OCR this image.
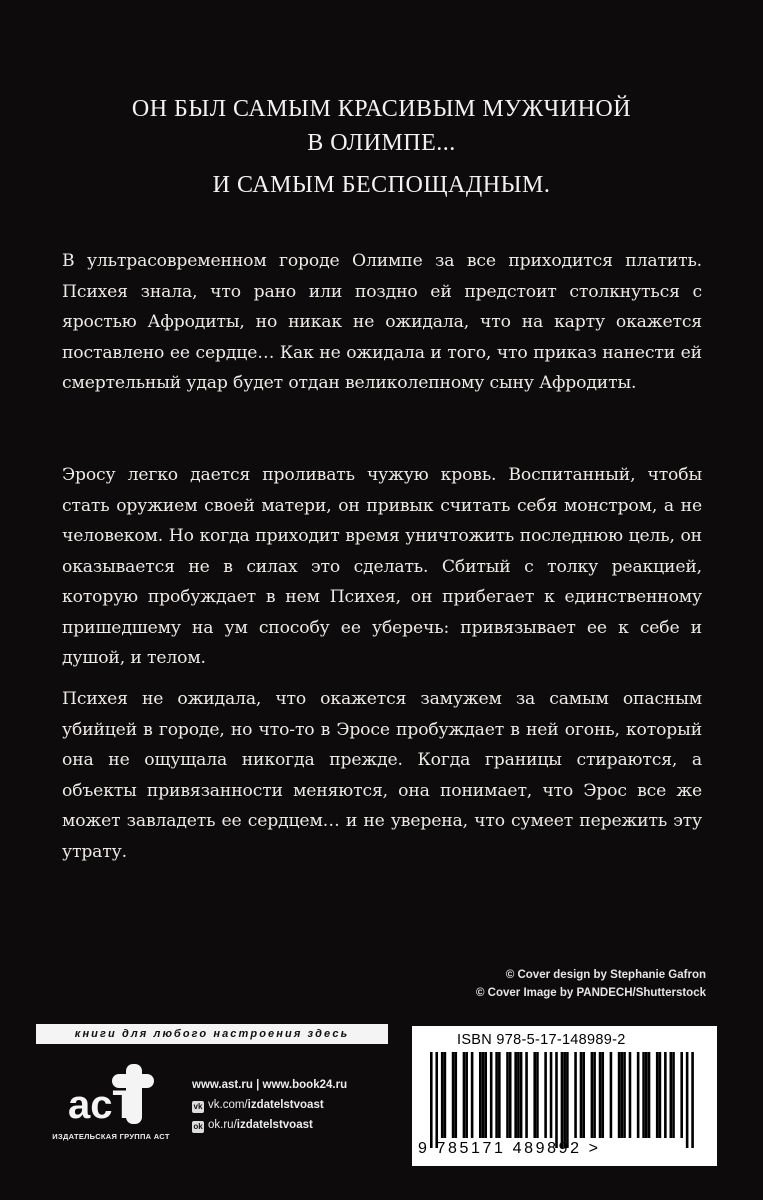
ОН БЫЛ САМЫМ КРАСИВЫМ МУЖЧИНОЙ
В ОЛИМПЕ...
И САМЫМ БЕСПОЩАДНЫМ.
В ультрасовременном городе Олимпе за все приходится платить. Психея знала, что рано или поздно ей предстоит столкнуться с яростью Афродиты, но никак не ожидала, что на карту окажется поставлено ее сердце… Как не ожидала и того, что приказ нанести ей смертельный удар будет отдан великолепному сыну Афродиты.
Эросу легко дается проливать чужую кровь. Воспитанный, чтобы стать оружием своей матери, он привык считать себя монстром, а не человеком. Но когда приходит время уничтожить последнюю цель, он оказывается не в силах это сделать. Сбитый с толку реакцией, которую пробуждает в нем Психея, он прибегает к единственному пришедшему на ум способу ее уберечь: привязывает ее к себе и душой, и телом.
Психея не ожидала, что окажется замужем за самым опасным убийцей в городе, но что-то в Эросе пробуждает в ней огонь, который она не ощущала никогда прежде. Когда границы стираются, а объекты привязанности меняются, она понимает, что Эрос все же может завладеть ее сердцем… и не уверена, что сумеет пережить эту утрату.
© Cover design by Stephanie Gafron
© Cover Image by PANDECH/Shutterstock
книги для любого настроения здесь
acT
ИЗДАТЕЛЬСКАЯ ГРУППА АСТ
www.ast.ru | www.book24.ru
vk vk.com/izdatelstvoast
ok ok.ru/izdatelstvoast
ISBN 978-5-17-148989-2
9 785171 489892 >
